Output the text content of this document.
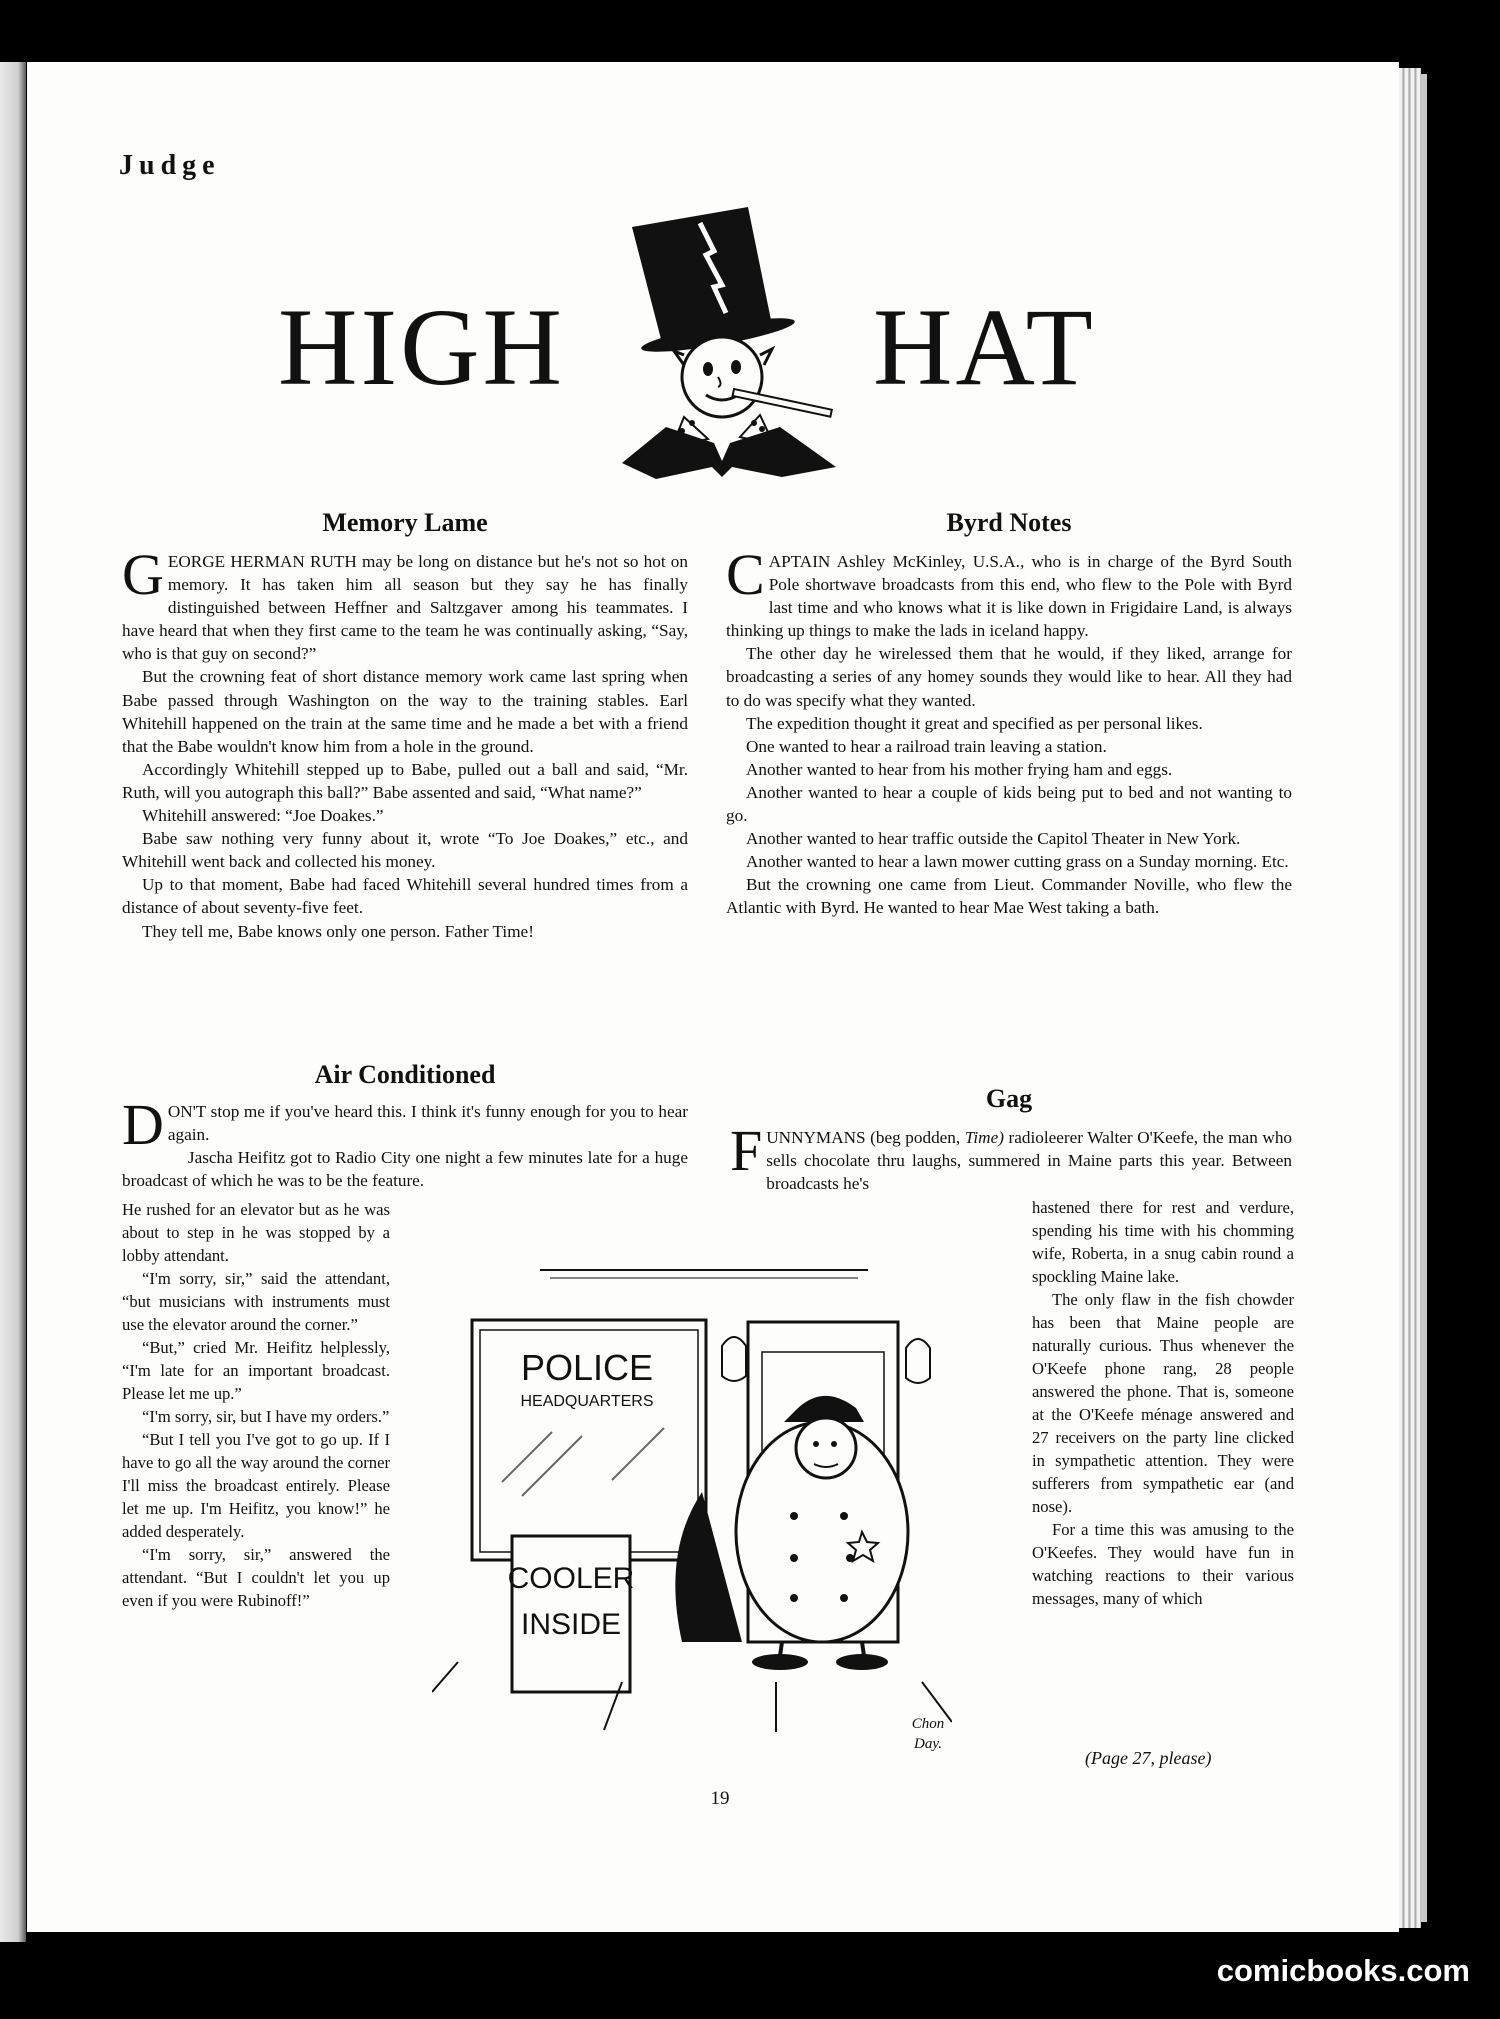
Judge
HIGH	HAT
Memory Lame

GEORGE HERMAN RUTH may be long on distance but he's not so hot on memory. It has taken him all season but they say he has finally distinguished between Heffner and Saltzgaver among his teammates. I have heard that when they first came to the team he was continually asking, “Say, who is that guy on second?”

But the crowning feat of short distance memory work came last spring when Babe passed through Washington on the way to the training stables. Earl Whitehill happened on the train at the same time and he made a bet with a friend that the Babe wouldn't know him from a hole in the ground.

Accordingly Whitehill stepped up to Babe, pulled out a ball and said, “Mr. Ruth, will you autograph this ball?” Babe assented and said, “What name?”

Whitehill answered: “Joe Doakes.”

Babe saw nothing very funny about it, wrote “To Joe Doakes,” etc., and Whitehill went back and collected his money.

Up to that moment, Babe had faced Whitehill several hundred times from a distance of about seventy-five feet.

They tell me, Babe knows only one person. Father Time!

Air Conditioned

DON'T stop me if you've heard this. I think it's funny enough for you to hear again.

Jascha Heifitz got to Radio City one night a few minutes late for a huge broadcast of which he was to be the feature.

He rushed for an elevator but as he was about to step in he was stopped by a lobby attendant.

“I'm sorry, sir,” said the attendant, “but musicians with instruments must use the elevator around the corner.”

“But,” cried Mr. Heifitz helplessly, “I'm late for an important broadcast. Please let me up.”

“I'm sorry, sir, but I have my orders.”

“But I tell you I've got to go up. If I have to go all the way around the corner I'll miss the broadcast entirely. Please let me up. I'm Heifitz, you know!” he added desperately.

“I'm sorry, sir,” answered the attendant. “But I couldn't let you up even if you were Rubinoff!”

Byrd Notes

CAPTAIN Ashley McKinley, U.S.A., who is in charge of the Byrd South Pole shortwave broadcasts from this end, who flew to the Pole with Byrd last time and who knows what it is like down in Frigidaire Land, is always thinking up things to make the lads in iceland happy.

The other day he wirelessed them that he would, if they liked, arrange for broadcasting a series of any homey sounds they would like to hear. All they had to do was specify what they wanted.

The expedition thought it great and specified as per personal likes.

One wanted to hear a railroad train leaving a station.

Another wanted to hear from his mother frying ham and eggs.

Another wanted to hear a couple of kids being put to bed and not wanting to go.

Another wanted to hear traffic outside the Capitol Theater in New York.

Another wanted to hear a lawn mower cutting grass on a Sunday morning. Etc.

But the crowning one came from Lieut. Commander Noville, who flew the Atlantic with Byrd. He wanted to hear Mae West taking a bath.

Gag

FUNNYMANS (beg podden, Time) radioleerer Walter O'Keefe, the man who sells chocolate thru laughs, summered in Maine parts this year. Between broadcasts he's

hastened there for rest and verdure, spending his time with his chomming wife, Roberta, in a snug cabin round a spockling Maine lake.

The only flaw in the fish chowder has been that Maine people are naturally curious. Thus whenever the O'Keefe phone rang, 28 people answered the phone. That is, someone at the O'Keefe ménage answered and 27 receivers on the party line clicked in sympathetic attention. They were sufferers from sympathetic ear (and nose).

For a time this was amusing to the O'Keefes. They would have fun in watching reactions to their various messages, many of which

(Page 27, please)
POLICE
HEADQUARTERS
COOLER
INSIDE
Chon
Day.
19
comicbooks.com
